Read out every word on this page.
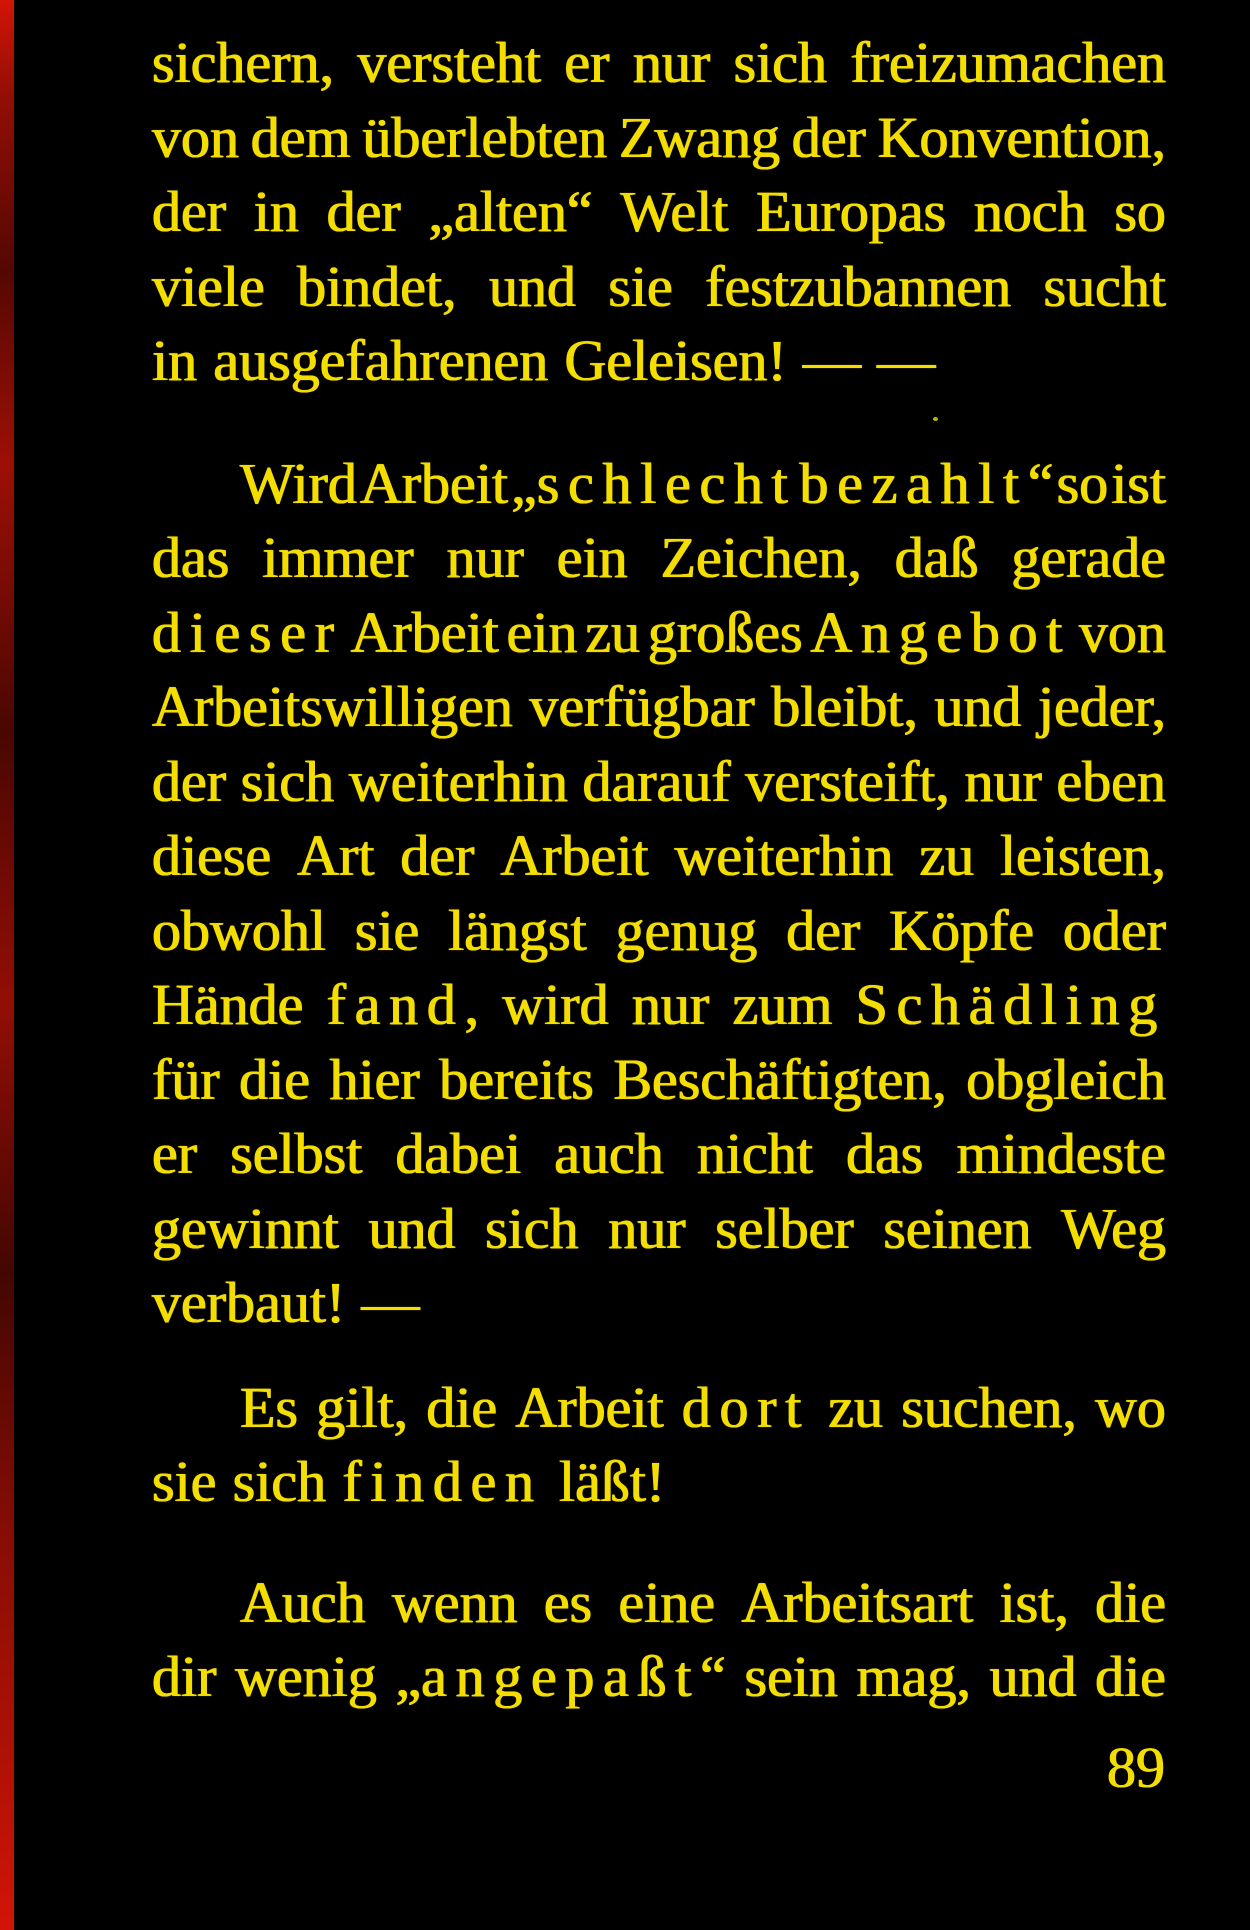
sichern, versteht er nur sich freizumachen
von dem überlebten Zwang der Konvention,
der in der „alten“ Welt Europas noch so
viele bindet, und sie festzubannen sucht
in ausgefahrenen Geleisen! — —
Wird Arbeit „schlecht bezahlt“ so ist
das immer nur ein Zeichen, daß gerade
dieser Arbeit ein zu großes Angebot von
Arbeitswilligen verfügbar bleibt, und jeder,
der sich weiterhin darauf versteift, nur eben
diese Art der Arbeit weiterhin zu leisten,
obwohl sie längst genug der Köpfe oder
Hände fand, wird nur zum Schädling
für die hier bereits Beschäftigten, obgleich
er selbst dabei auch nicht das mindeste
gewinnt und sich nur selber seinen Weg
verbaut! —
Es gilt, die Arbeit dort zu suchen, wo
sie sich finden läßt!
Auch wenn es eine Arbeitsart ist, die
dir wenig „angepaßt“ sein mag, und die
89
